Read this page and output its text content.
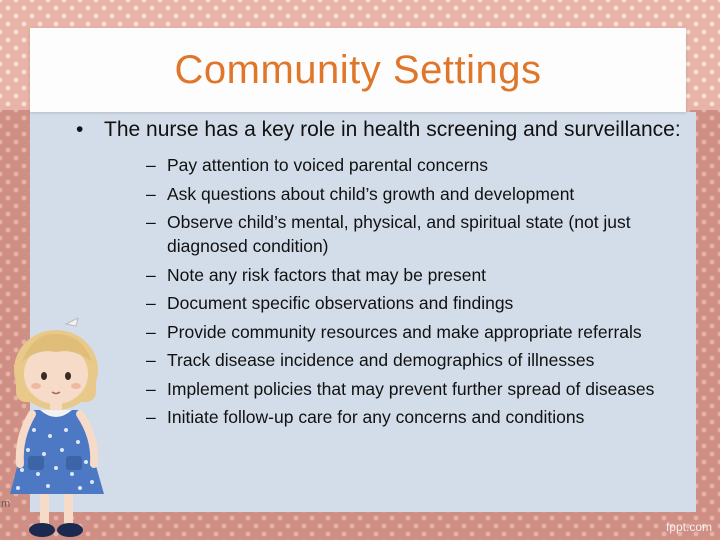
Community Settings
• The nurse has a key role in health screening and surveillance:
– Pay attention to voiced parental concerns
– Ask questions about child’s growth and development
– Observe child’s mental, physical, and spiritual state (not just diagnosed condition)
– Note any risk factors that may be present
– Document specific observations and findings
– Provide community resources and make appropriate referrals
– Track disease incidence and demographics of illnesses
– Implement policies that may prevent further spread of diseases
– Initiate follow-up care for any concerns and conditions
m
fppt.com
